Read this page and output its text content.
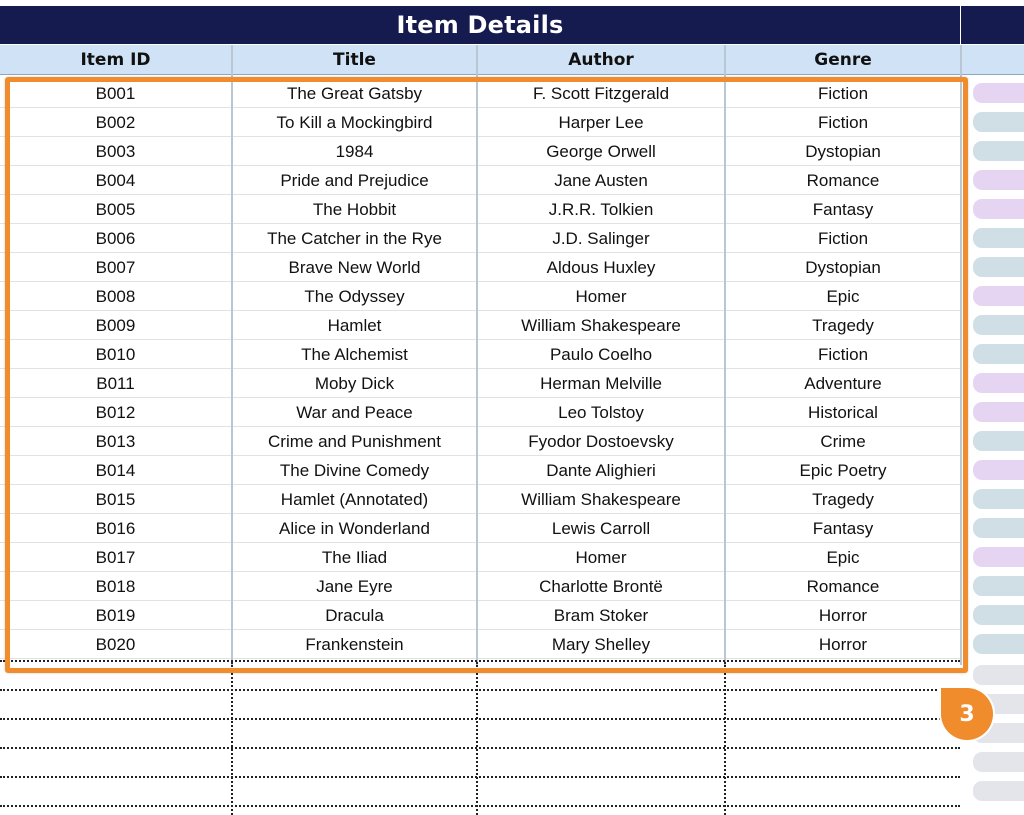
Item Details
Item ID	Title	Author	Genre
B001	The Great Gatsby	F. Scott Fitzgerald	Fiction
B002	To Kill a Mockingbird	Harper Lee	Fiction
B003	1984	George Orwell	Dystopian
B004	Pride and Prejudice	Jane Austen	Romance
B005	The Hobbit	J.R.R. Tolkien	Fantasy
B006	The Catcher in the Rye	J.D. Salinger	Fiction
B007	Brave New World	Aldous Huxley	Dystopian
B008	The Odyssey	Homer	Epic
B009	Hamlet	William Shakespeare	Tragedy
B010	The Alchemist	Paulo Coelho	Fiction
B011	Moby Dick	Herman Melville	Adventure
B012	War and Peace	Leo Tolstoy	Historical
B013	Crime and Punishment	Fyodor Dostoevsky	Crime
B014	The Divine Comedy	Dante Alighieri	Epic Poetry
B015	Hamlet (Annotated)	William Shakespeare	Tragedy
B016	Alice in Wonderland	Lewis Carroll	Fantasy
B017	The Iliad	Homer	Epic
B018	Jane Eyre	Charlotte Brontë	Romance
B019	Dracula	Bram Stoker	Horror
B020	Frankenstein	Mary Shelley	Horror
3
